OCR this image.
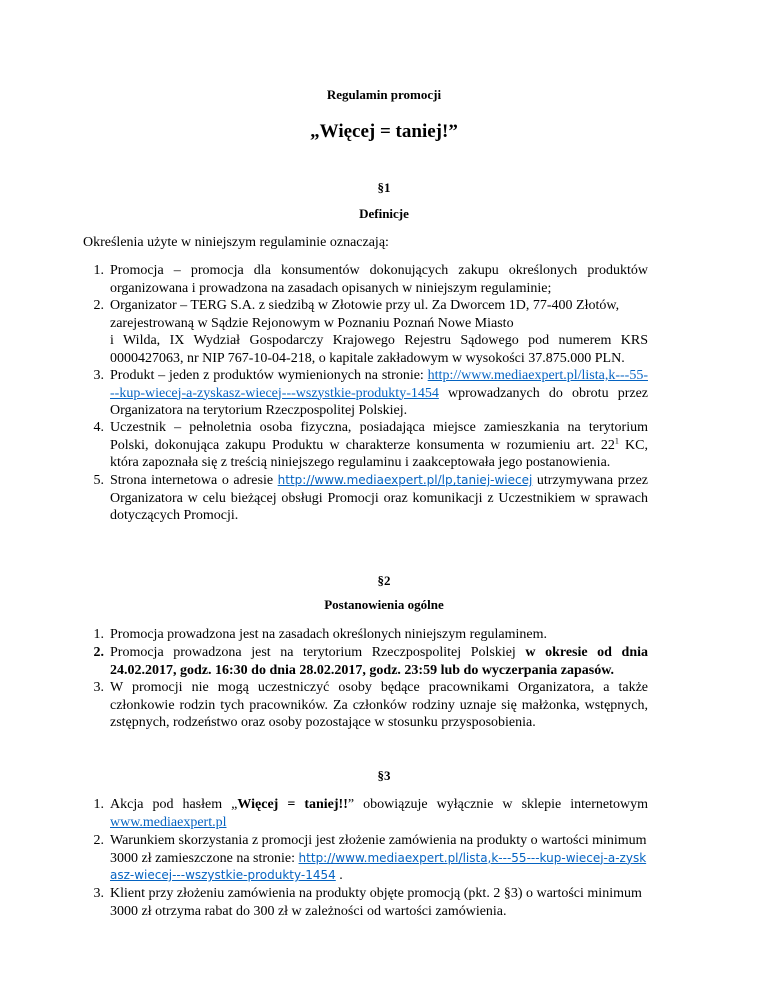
Regulamin promocji
„Więcej = taniej!”
§1
Definicje
Określenia użyte w niniejszym regulaminie oznaczają:
1. Promocja – promocja dla konsumentów dokonujących zakupu określonych produktów organizowana i prowadzona na zasadach opisanych w niniejszym regulaminie;
2. Organizator – TERG S.A. z siedzibą w Złotowie przy ul. Za Dworcem 1D, 77-400 Złotów, zarejestrowaną w Sądzie Rejonowym w Poznaniu Poznań Nowe Miasto
i Wilda, IX Wydział Gospodarczy Krajowego Rejestru Sądowego pod numerem KRS 0000427063, nr NIP 767-10-04-218, o kapitale zakładowym w wysokości 37.875.000 PLN.
3. Produkt – jeden z produktów wymienionych na stronie: http://www.mediaexpert.pl/lista,k---55---kup-wiecej-a-zyskasz-wiecej---wszystkie-produkty-1454 wprowadzanych do obrotu przez Organizatora na terytorium Rzeczpospolitej Polskiej.
4. Uczestnik – pełnoletnia osoba fizyczna, posiadająca miejsce zamieszkania na terytorium Polski, dokonująca zakupu Produktu w charakterze konsumenta w rozumieniu art. $22^1$ KC, która zapoznała się z treścią niniejszego regulaminu i zaakceptowała jego postanowienia.
5. Strona internetowa o adresie http://www.mediaexpert.pl/lp,taniej-wiecej utrzymywana przez Organizatora w celu bieżącej obsługi Promocji oraz komunikacji z Uczestnikiem w sprawach dotyczących Promocji.
§2
Postanowienia ogólne
1. Promocja prowadzona jest na zasadach określonych niniejszym regulaminem.
2. Promocja prowadzona jest na terytorium Rzeczpospolitej Polskiej w okresie od dnia 24.02.2017, godz. 16:30 do dnia 28.02.2017, godz. 23:59 lub do wyczerpania zapasów.
3. W promocji nie mogą uczestniczyć osoby będące pracownikami Organizatora, a także członkowie rodzin tych pracowników. Za członków rodziny uznaje się małżonka, wstępnych, zstępnych, rodzeństwo oraz osoby pozostające w stosunku przysposobienia.
§3
1. Akcja pod hasłem „Więcej = taniej!!” obowiązuje wyłącznie w sklepie internetowym www.mediaexpert.pl
2. Warunkiem skorzystania z promocji jest złożenie zamówienia na produkty o wartości minimum 3000 zł zamieszczone na stronie: http://www.mediaexpert.pl/lista,k---55---kup-wiecej-a-zyskasz-wiecej---wszystkie-produkty-1454 .
3. Klient przy złożeniu zamówienia na produkty objęte promocją (pkt. 2 §3) o wartości minimum 3000 zł otrzyma rabat do 300 zł w zależności od wartości zamówienia.
